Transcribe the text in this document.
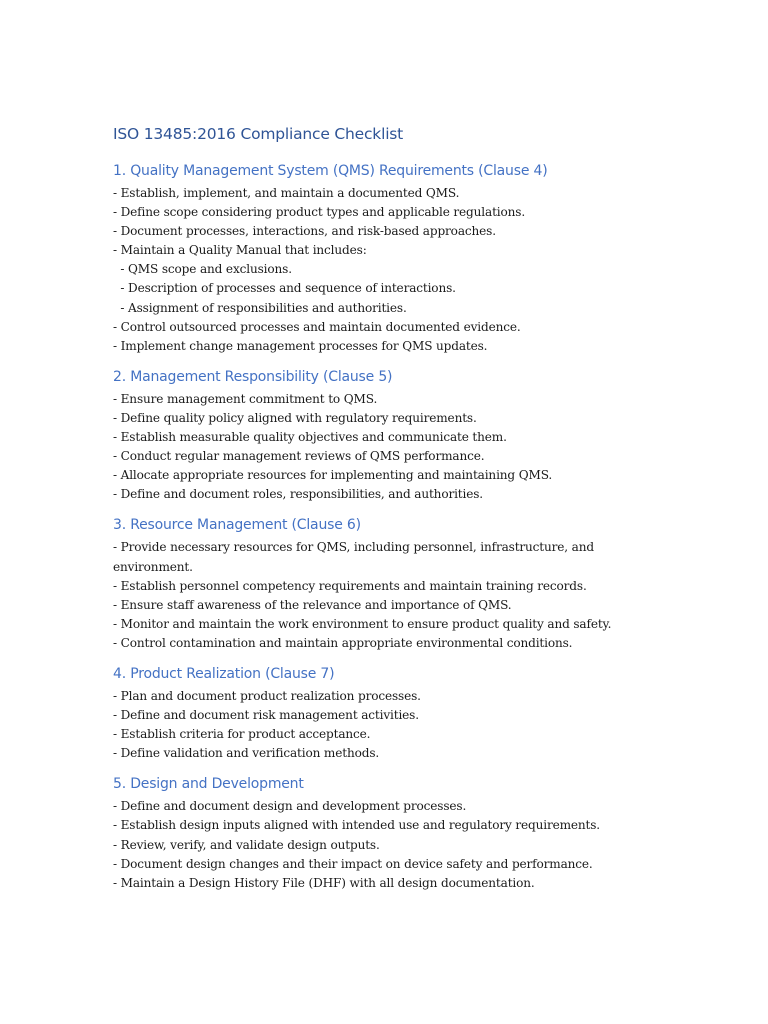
ISO 13485:2016 Compliance Checklist
1. Quality Management System (QMS) Requirements (Clause 4)
- Establish, implement, and maintain a documented QMS.
- Define scope considering product types and applicable regulations.
- Document processes, interactions, and risk-based approaches.
- Maintain a Quality Manual that includes:
- QMS scope and exclusions.
- Description of processes and sequence of interactions.
- Assignment of responsibilities and authorities.
- Control outsourced processes and maintain documented evidence.
- Implement change management processes for QMS updates.
2. Management Responsibility (Clause 5)
- Ensure management commitment to QMS.
- Define quality policy aligned with regulatory requirements.
- Establish measurable quality objectives and communicate them.
- Conduct regular management reviews of QMS performance.
- Allocate appropriate resources for implementing and maintaining QMS.
- Define and document roles, responsibilities, and authorities.
3. Resource Management (Clause 6)
- Provide necessary resources for QMS, including personnel, infrastructure, and environment.
- Establish personnel competency requirements and maintain training records.
- Ensure staff awareness of the relevance and importance of QMS.
- Monitor and maintain the work environment to ensure product quality and safety.
- Control contamination and maintain appropriate environmental conditions.
4. Product Realization (Clause 7)
- Plan and document product realization processes.
- Define and document risk management activities.
- Establish criteria for product acceptance.
- Define validation and verification methods.
5. Design and Development
- Define and document design and development processes.
- Establish design inputs aligned with intended use and regulatory requirements.
- Review, verify, and validate design outputs.
- Document design changes and their impact on device safety and performance.
- Maintain a Design History File (DHF) with all design documentation.
